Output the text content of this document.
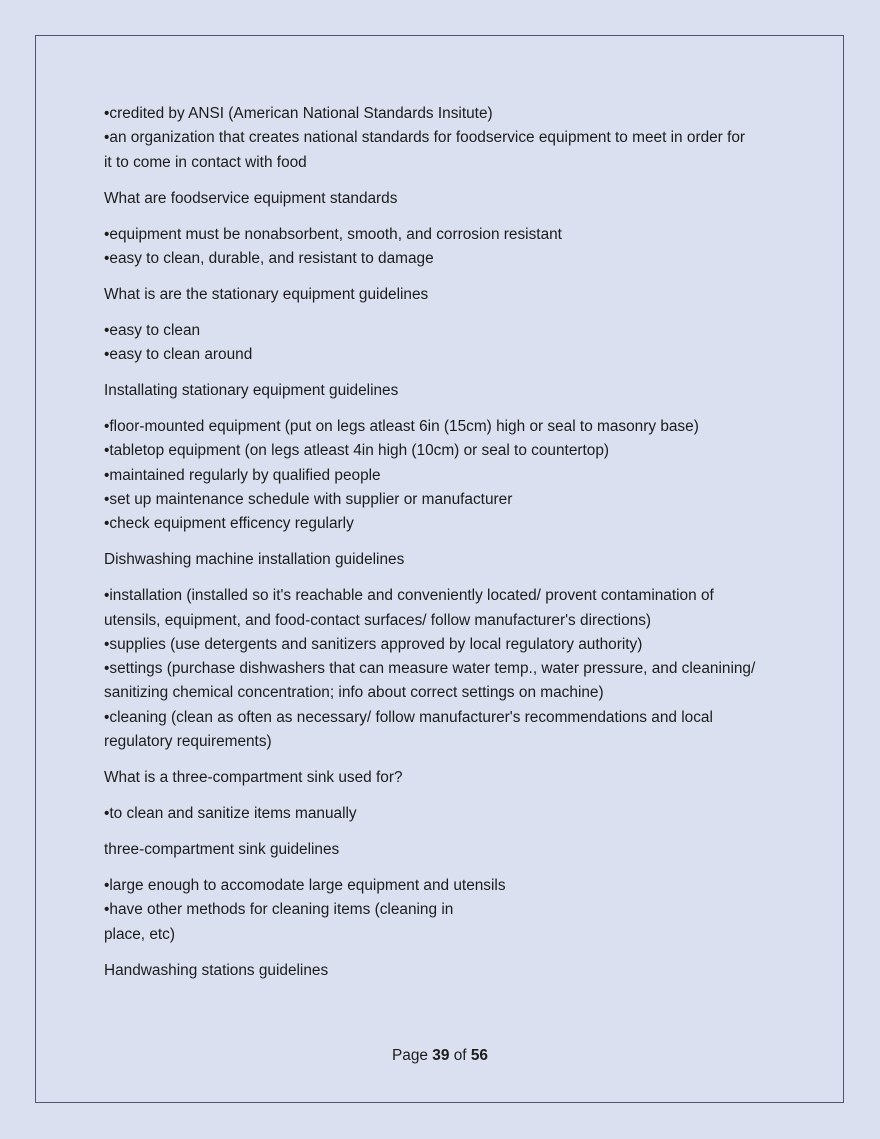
•credited by ANSI (American National Standards Insitute)
•an organization that creates national standards for foodservice equipment to meet in order for
it to come in contact with food
What are foodservice equipment standards
•equipment must be nonabsorbent, smooth, and corrosion resistant
•easy to clean, durable, and resistant to damage
What is are the stationary equipment guidelines
•easy to clean
•easy to clean around
Installating stationary equipment guidelines
•floor-mounted equipment (put on legs atleast 6in (15cm) high or seal to masonry base)
•tabletop equipment (on legs atleast 4in high (10cm) or seal to countertop)
•maintained regularly by qualified people
•set up maintenance schedule with supplier or manufacturer
•check equipment efficency regularly
Dishwashing machine installation guidelines
•installation (installed so it's reachable and conveniently located/ provent contamination of
utensils, equipment, and food-contact surfaces/ follow manufacturer's directions)
•supplies (use detergents and sanitizers approved by local regulatory authority)
•settings (purchase dishwashers that can measure water temp., water pressure, and cleanining/
sanitizing chemical concentration; info about correct settings on machine)
•cleaning (clean as often as necessary/ follow manufacturer's recommendations and local
regulatory requirements)
What is a three-compartment sink used for?
•to clean and sanitize items manually
three-compartment sink guidelines
•large enough to accomodate large equipment and utensils
•have other methods for cleaning items (cleaning in
place, etc)
Handwashing stations guidelines
Page 39 of 56
